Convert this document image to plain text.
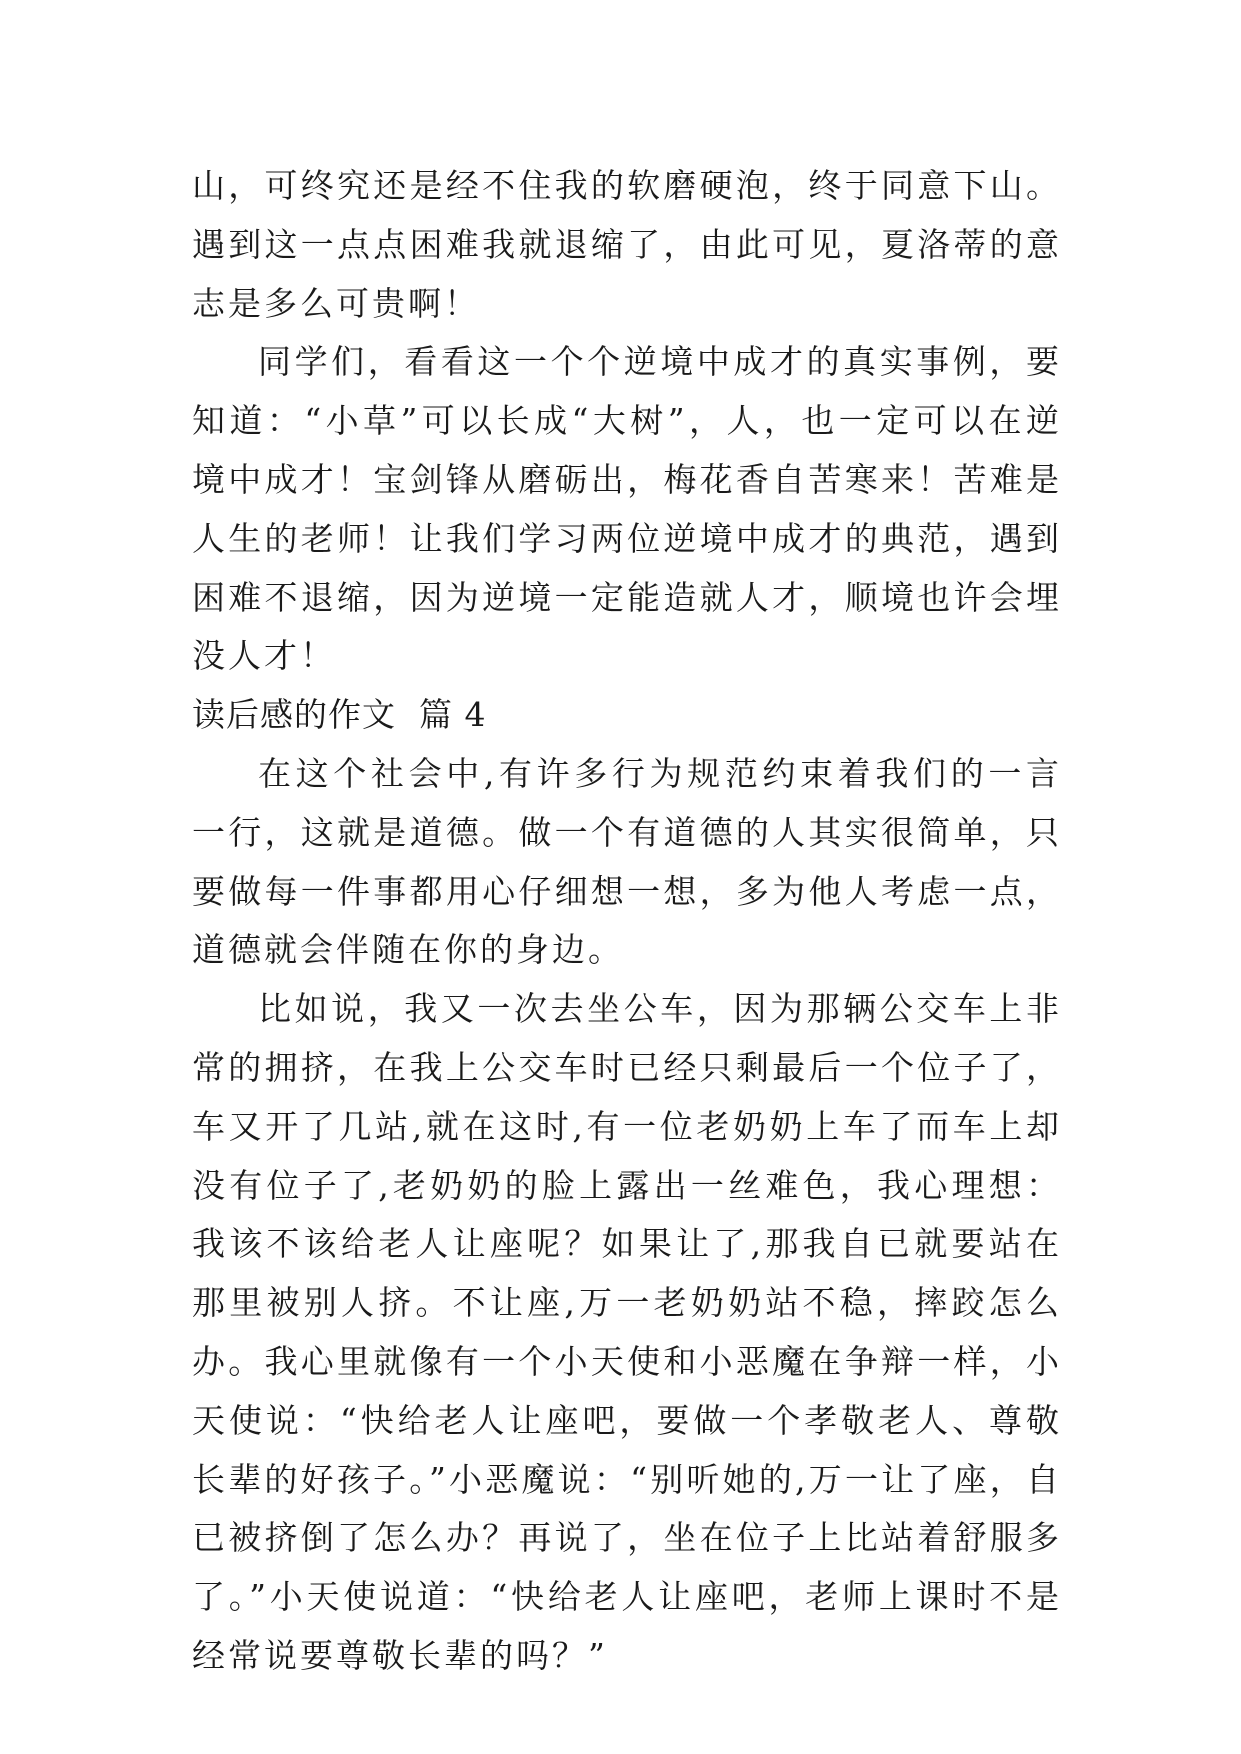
山，可终究还是经不住我的软磨硬泡，终于同意下山。遇到这一点点困难我就退缩了，由此可见，夏洛蒂的意志是多么可贵啊！

同学们，看看这一个个逆境中成才的真实事例，要知道：“小草”可以长成“大树”，人，也一定可以在逆境中成才！宝剑锋从磨砺出，梅花香自苦寒来！苦难是人生的老师！让我们学习两位逆境中成才的典范，遇到困难不退缩，因为逆境一定能造就人才，顺境也许会埋没人才！

读后感的作文  篇 4

在这个社会中,有许多行为规范约束着我们的一言一行，这就是道德。做一个有道德的人其实很简单，只要做每一件事都用心仔细想一想，多为他人考虑一点，道德就会伴随在你的身边。

比如说，我又一次去坐公车，因为那辆公交车上非常的拥挤，在我上公交车时已经只剩最后一个位子了，车又开了几站,就在这时,有一位老奶奶上车了而车上却没有位子了,老奶奶的脸上露出一丝难色，我心理想：我该不该给老人让座呢？如果让了,那我自已就要站在那里被别人挤。不让座,万一老奶奶站不稳，摔跤怎么办。我心里就像有一个小天使和小恶魔在争辩一样，小天使说：“快给老人让座吧，要做一个孝敬老人、尊敬长辈的好孩子。”小恶魔说：“别听她的,万一让了座，自已被挤倒了怎么办？再说了，坐在位子上比站着舒服多了。”小天使说道：“快给老人让座吧，老师上课时不是经常说要尊敬长辈的吗？”
